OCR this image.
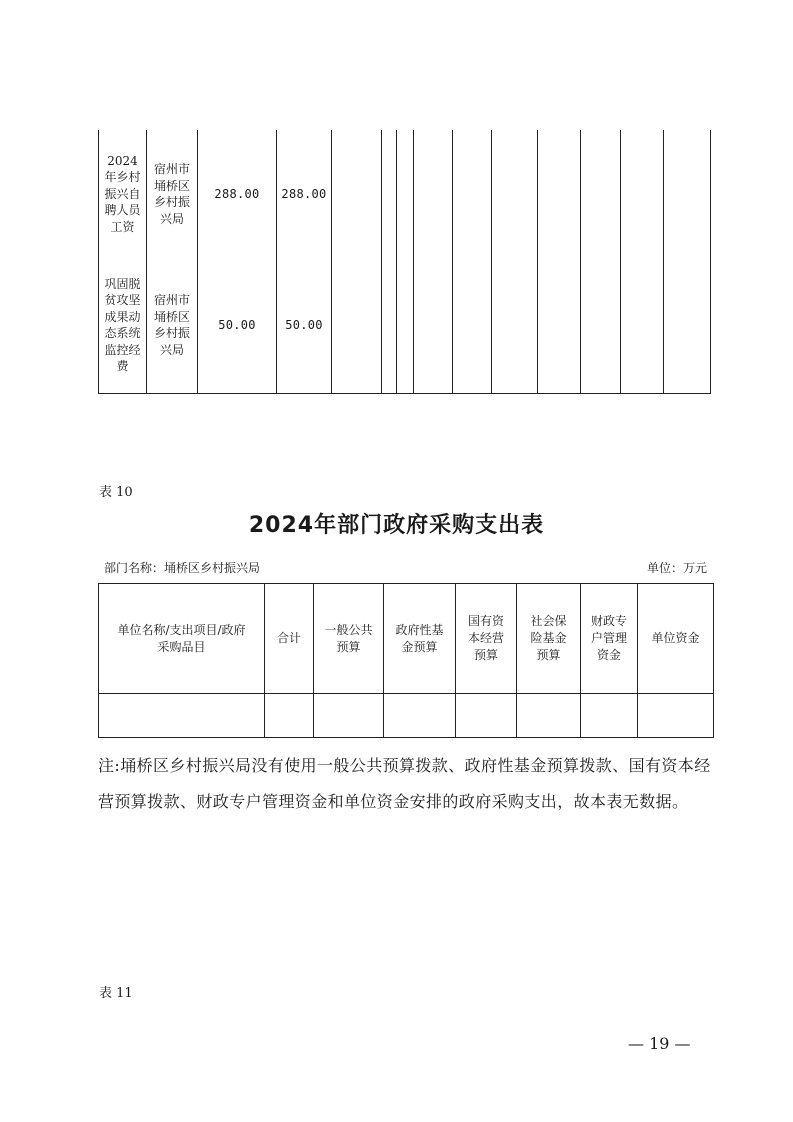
2024年乡村振兴自聘人员工资	宿州市埇桥区乡村振兴局	288.00	288.00										

巩固脱贫攻坚成果动态系统监控经费	宿州市埇桥区乡村振兴局	50.00	50.00										
表 10
2024年部门政府采购支出表
部门名称：埇桥区乡村振兴局	单位：万元
单位名称/支出项目/政府采购品目	合计	一般公共预算	政府性基金预算	国有资本经营预算	社会保险基金预算	财政专户管理资金	单位资金

注:埇桥区乡村振兴局没有使用一般公共预算拨款、政府性基金预算拨款、国有资本经营预算拨款、财政专户管理资金和单位资金安排的政府采购支出，故本表无数据。
表 11
— 19 —
